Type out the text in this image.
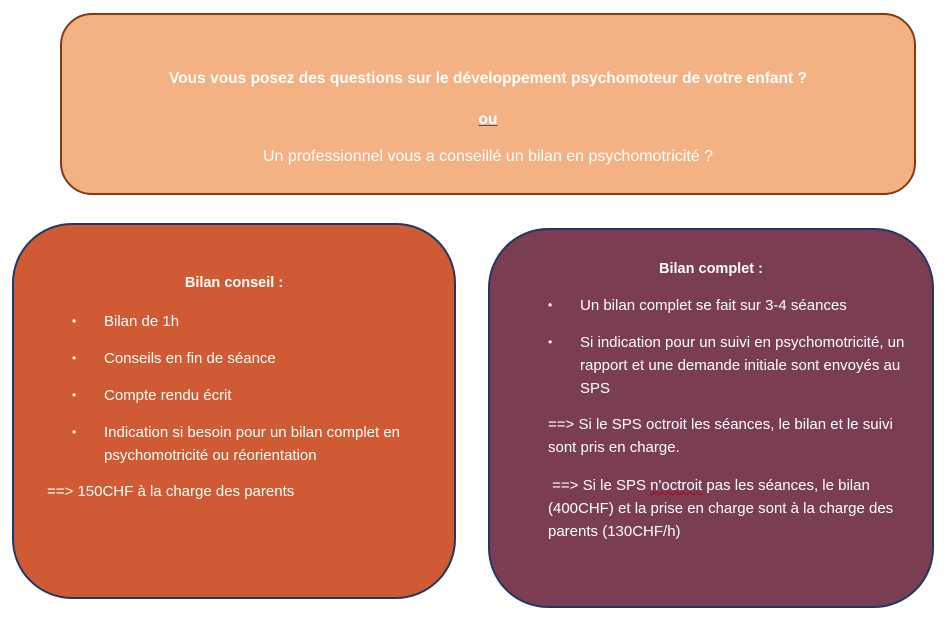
Vous vous posez des questions sur le développement psychomoteur de votre enfant ?
ou
Un professionnel vous a conseillé un bilan en psychomotricité ?
Bilan conseil :
• Bilan de 1h
• Conseils en fin de séance
• Compte rendu écrit
• Indication si besoin pour un bilan complet en psychomotricité ou réorientation
==> 150CHF à la charge des parents
Bilan complet :
• Un bilan complet se fait sur 3-4 séances
• Si indication pour un suivi en psychomotricité, un rapport et une demande initiale sont envoyés au SPS
==> Si le SPS octroit les séances, le bilan et le suivi sont pris en charge.
==> Si le SPS n'octroit pas les séances, le bilan (400CHF) et la prise en charge sont à la charge des parents (130CHF/h)
